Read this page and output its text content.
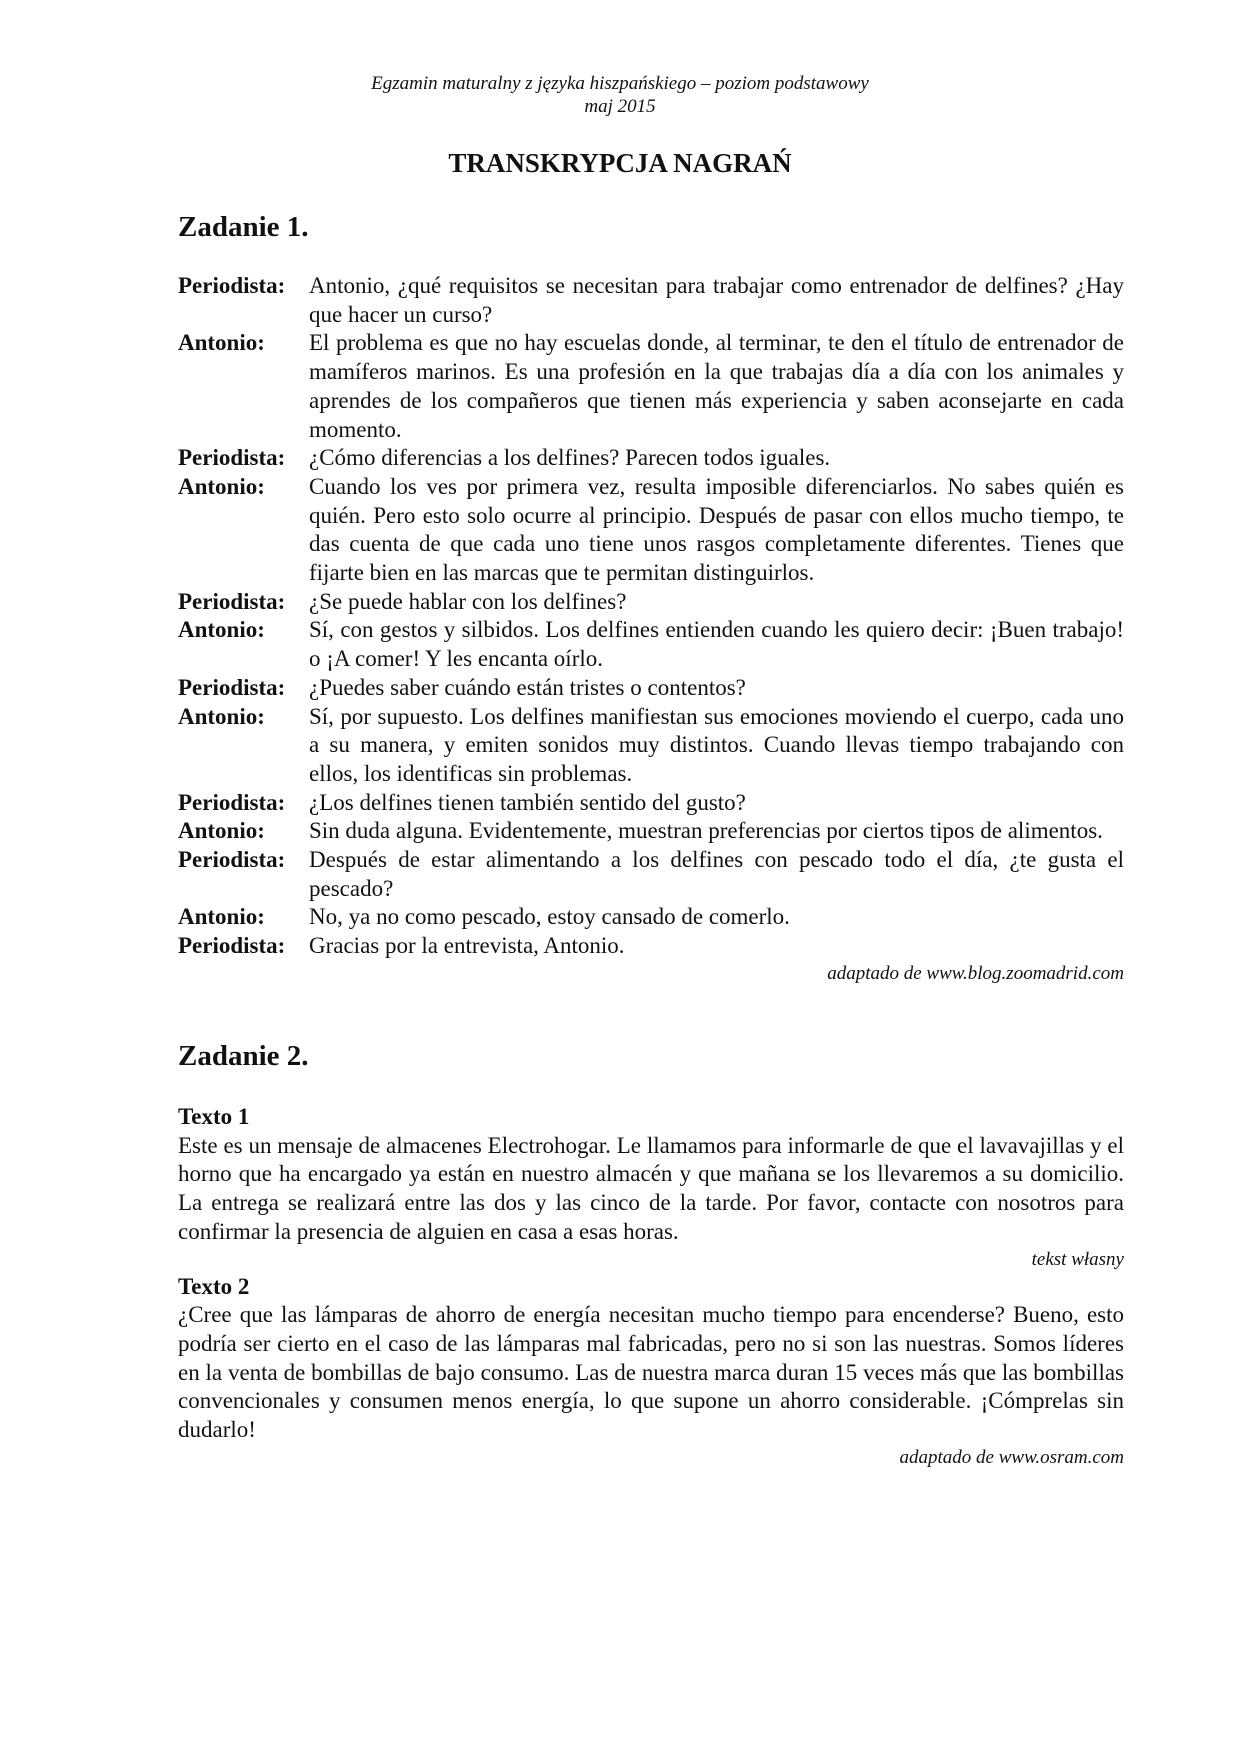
Egzamin maturalny z języka hiszpańskiego – poziom podstawowy
maj 2015
TRANSKRYPCJA NAGRAŃ
Zadanie 1.
Periodista:	Antonio, ¿qué requisitos se necesitan para trabajar como entrenador de delfines? ¿Hay que hacer un curso?
Antonio:	El problema es que no hay escuelas donde, al terminar, te den el título de entrenador de mamíferos marinos. Es una profesión en la que trabajas día a día con los animales y aprendes de los compañeros que tienen más experiencia y saben aconsejarte en cada momento.
Periodista:	¿Cómo diferencias a los delfines? Parecen todos iguales.
Antonio:	Cuando los ves por primera vez, resulta imposible diferenciarlos. No sabes quién es quién. Pero esto solo ocurre al principio. Después de pasar con ellos mucho tiempo, te das cuenta de que cada uno tiene unos rasgos completamente diferentes. Tienes que fijarte bien en las marcas que te permitan distinguirlos.
Periodista:	¿Se puede hablar con los delfines?
Antonio:	Sí, con gestos y silbidos. Los delfines entienden cuando les quiero decir: ¡Buen trabajo! o ¡A comer! Y les encanta oírlo.
Periodista:	¿Puedes saber cuándo están tristes o contentos?
Antonio:	Sí, por supuesto. Los delfines manifiestan sus emociones moviendo el cuerpo, cada uno a su manera, y emiten sonidos muy distintos. Cuando llevas tiempo trabajando con ellos, los identificas sin problemas.
Periodista:	¿Los delfines tienen también sentido del gusto?
Antonio:	Sin duda alguna. Evidentemente, muestran preferencias por ciertos tipos de alimentos.
Periodista:	Después de estar alimentando a los delfines con pescado todo el día, ¿te gusta el pescado?
Antonio:	No, ya no como pescado, estoy cansado de comerlo.
Periodista:	Gracias por la entrevista, Antonio.
adaptado de www.blog.zoomadrid.com
Zadanie 2.
Texto 1
Este es un mensaje de almacenes Electrohogar. Le llamamos para informarle de que el lavavajillas y el horno que ha encargado ya están en nuestro almacén y que mañana se los llevaremos a su domicilio. La entrega se realizará entre las dos y las cinco de la tarde. Por favor, contacte con nosotros para confirmar la presencia de alguien en casa a esas horas.
tekst własny
Texto 2
¿Cree que las lámparas de ahorro de energía necesitan mucho tiempo para encenderse? Bueno, esto podría ser cierto en el caso de las lámparas mal fabricadas, pero no si son las nuestras. Somos líderes en la venta de bombillas de bajo consumo. Las de nuestra marca duran 15 veces más que las bombillas convencionales y consumen menos energía, lo que supone un ahorro considerable. ¡Cómprelas sin dudarlo!
adaptado de www.osram.com
